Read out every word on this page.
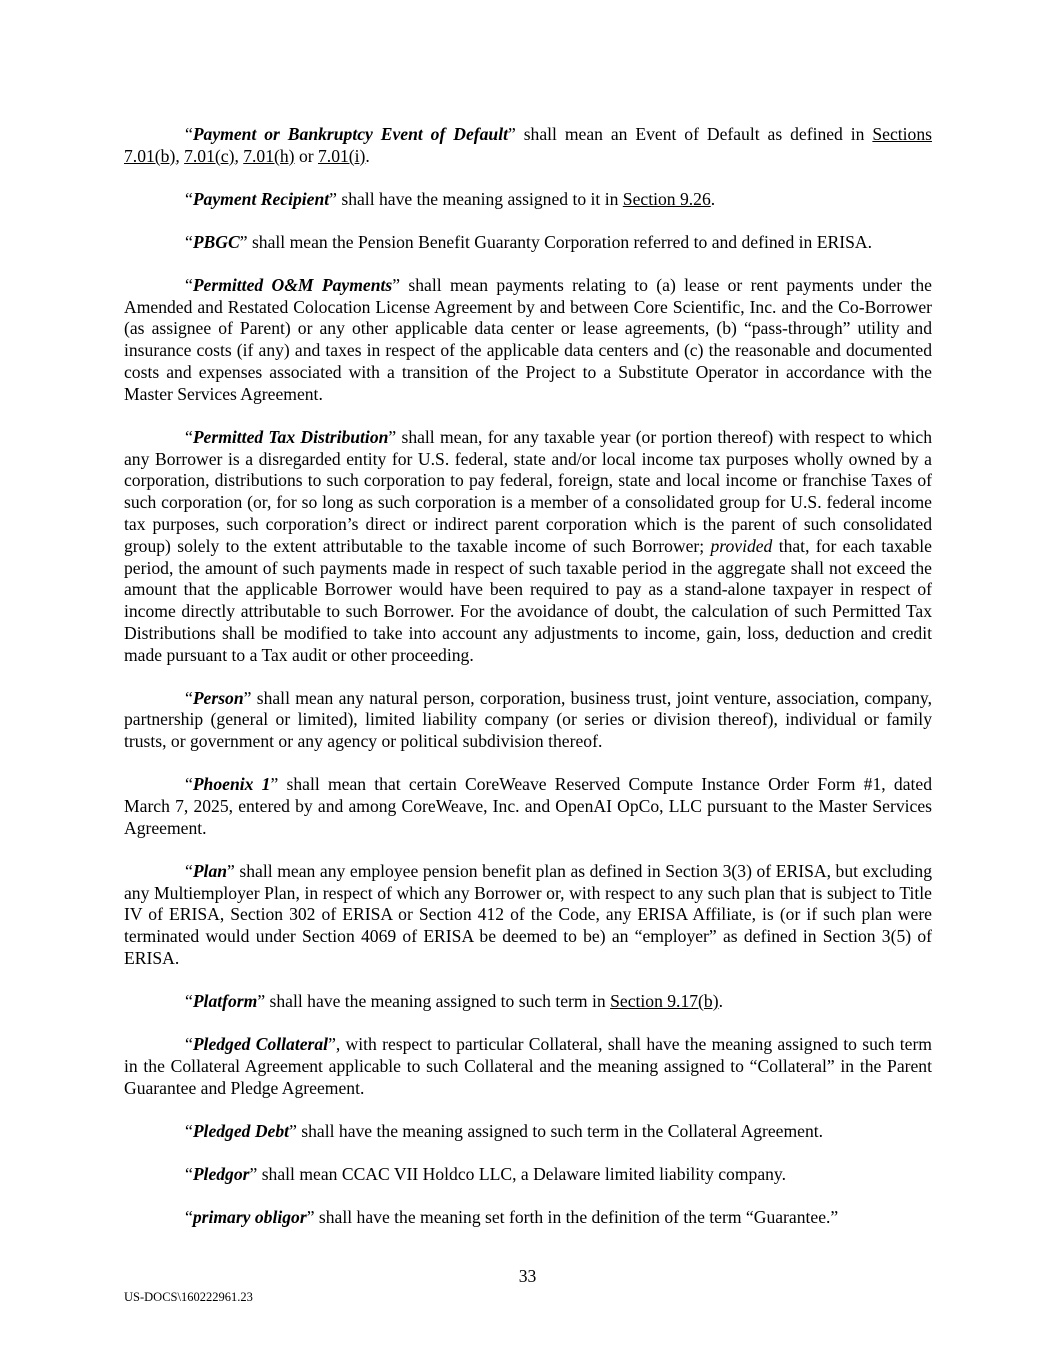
“Payment or Bankruptcy Event of Default” shall mean an Event of Default as defined in Sections 7.01(b), 7.01(c), 7.01(h) or 7.01(i).

“Payment Recipient” shall have the meaning assigned to it in Section 9.26.

“PBGC” shall mean the Pension Benefit Guaranty Corporation referred to and defined in ERISA.

“Permitted O&M Payments” shall mean payments relating to (a) lease or rent payments under the Amended and Restated Colocation License Agreement by and between Core Scientific, Inc. and the Co-Borrower (as assignee of Parent) or any other applicable data center or lease agreements, (b) “pass-through” utility and insurance costs (if any) and taxes in respect of the applicable data centers and (c) the reasonable and documented costs and expenses associated with a transition of the Project to a Substitute Operator in accordance with the Master Services Agreement.

“Permitted Tax Distribution” shall mean, for any taxable year (or portion thereof) with respect to which any Borrower is a disregarded entity for U.S. federal, state and/or local income tax purposes wholly owned by a corporation, distributions to such corporation to pay federal, foreign, state and local income or franchise Taxes of such corporation (or, for so long as such corporation is a member of a consolidated group for U.S. federal income tax purposes, such corporation’s direct or indirect parent corporation which is the parent of such consolidated group) solely to the extent attributable to the taxable income of such Borrower; provided that, for each taxable period, the amount of such payments made in respect of such taxable period in the aggregate shall not exceed the amount that the applicable Borrower would have been required to pay as a stand-alone taxpayer in respect of income directly attributable to such Borrower. For the avoidance of doubt, the calculation of such Permitted Tax Distributions shall be modified to take into account any adjustments to income, gain, loss, deduction and credit made pursuant to a Tax audit or other proceeding.

“Person” shall mean any natural person, corporation, business trust, joint venture, association, company, partnership (general or limited), limited liability company (or series or division thereof), individual or family trusts, or government or any agency or political subdivision thereof.

“Phoenix 1” shall mean that certain CoreWeave Reserved Compute Instance Order Form #1, dated March 7, 2025, entered by and among CoreWeave, Inc. and OpenAI OpCo, LLC pursuant to the Master Services Agreement.

“Plan” shall mean any employee pension benefit plan as defined in Section 3(3) of ERISA, but excluding any Multiemployer Plan, in respect of which any Borrower or, with respect to any such plan that is subject to Title IV of ERISA, Section 302 of ERISA or Section 412 of the Code, any ERISA Affiliate, is (or if such plan were terminated would under Section 4069 of ERISA be deemed to be) an “employer” as defined in Section 3(5) of ERISA.

“Platform” shall have the meaning assigned to such term in Section 9.17(b).

“Pledged Collateral”, with respect to particular Collateral, shall have the meaning assigned to such term in the Collateral Agreement applicable to such Collateral and the meaning assigned to “Collateral” in the Parent Guarantee and Pledge Agreement.

“Pledged Debt” shall have the meaning assigned to such term in the Collateral Agreement.

“Pledgor” shall mean CCAC VII Holdco LLC, a Delaware limited liability company.

“primary obligor” shall have the meaning set forth in the definition of the term “Guarantee.”

33
US-DOCS\160222961.23
